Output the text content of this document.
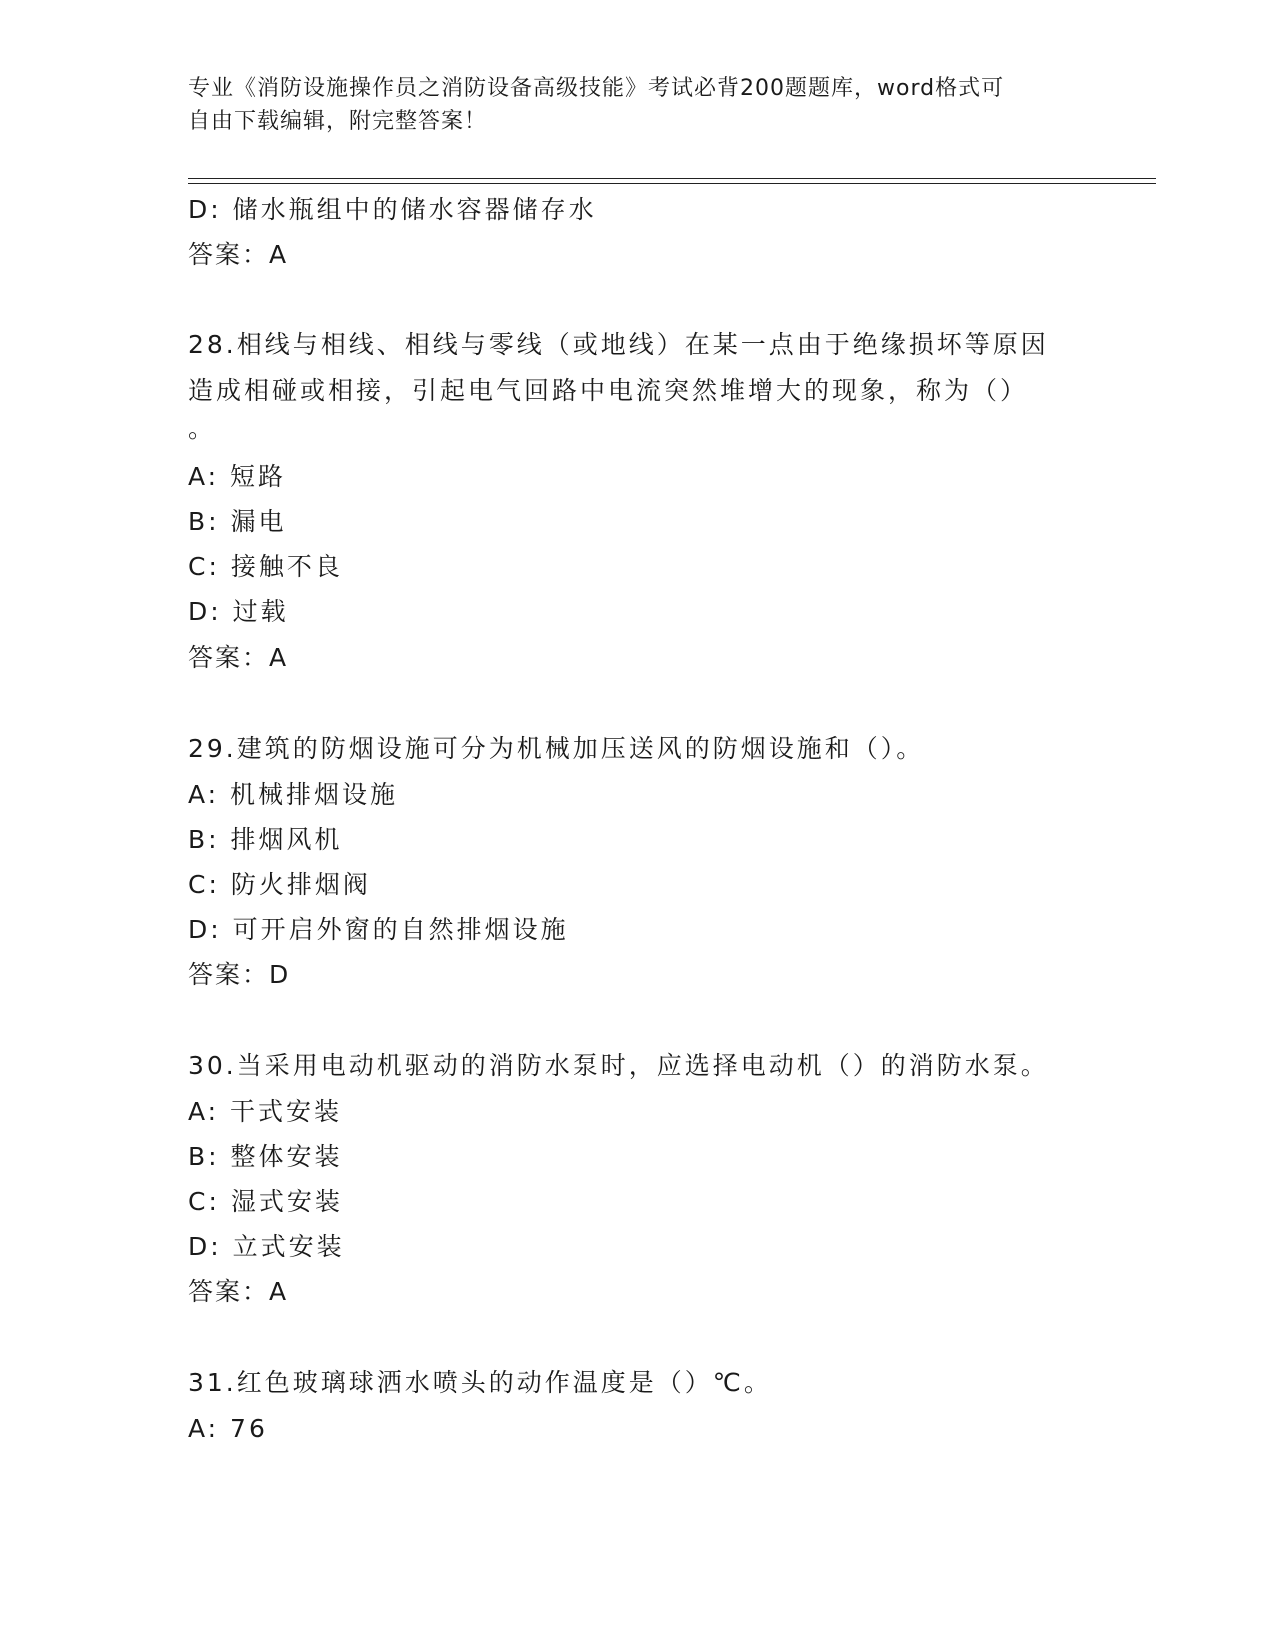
专业《消防设施操作员之消防设备高级技能》考试必背200题题库，word格式可
自由下载编辑，附完整答案！
D: 储水瓶组中的储水容器储存水
答案：A
28.相线与相线、相线与零线（或地线）在某一点由于绝缘损坏等原因
造成相碰或相接，引起电气回路中电流突然堆增大的现象，称为（）
。
A: 短路
B: 漏电
C: 接触不良
D: 过载
答案：A
29.建筑的防烟设施可分为机械加压送风的防烟设施和（）。
A: 机械排烟设施
B: 排烟风机
C: 防火排烟阀
D: 可开启外窗的自然排烟设施
答案：D
30.当采用电动机驱动的消防水泵时，应选择电动机（）的消防水泵。
A: 干式安装
B: 整体安装
C: 湿式安装
D: 立式安装
答案：A
31.红色玻璃球洒水喷头的动作温度是（）℃。
A: 76
